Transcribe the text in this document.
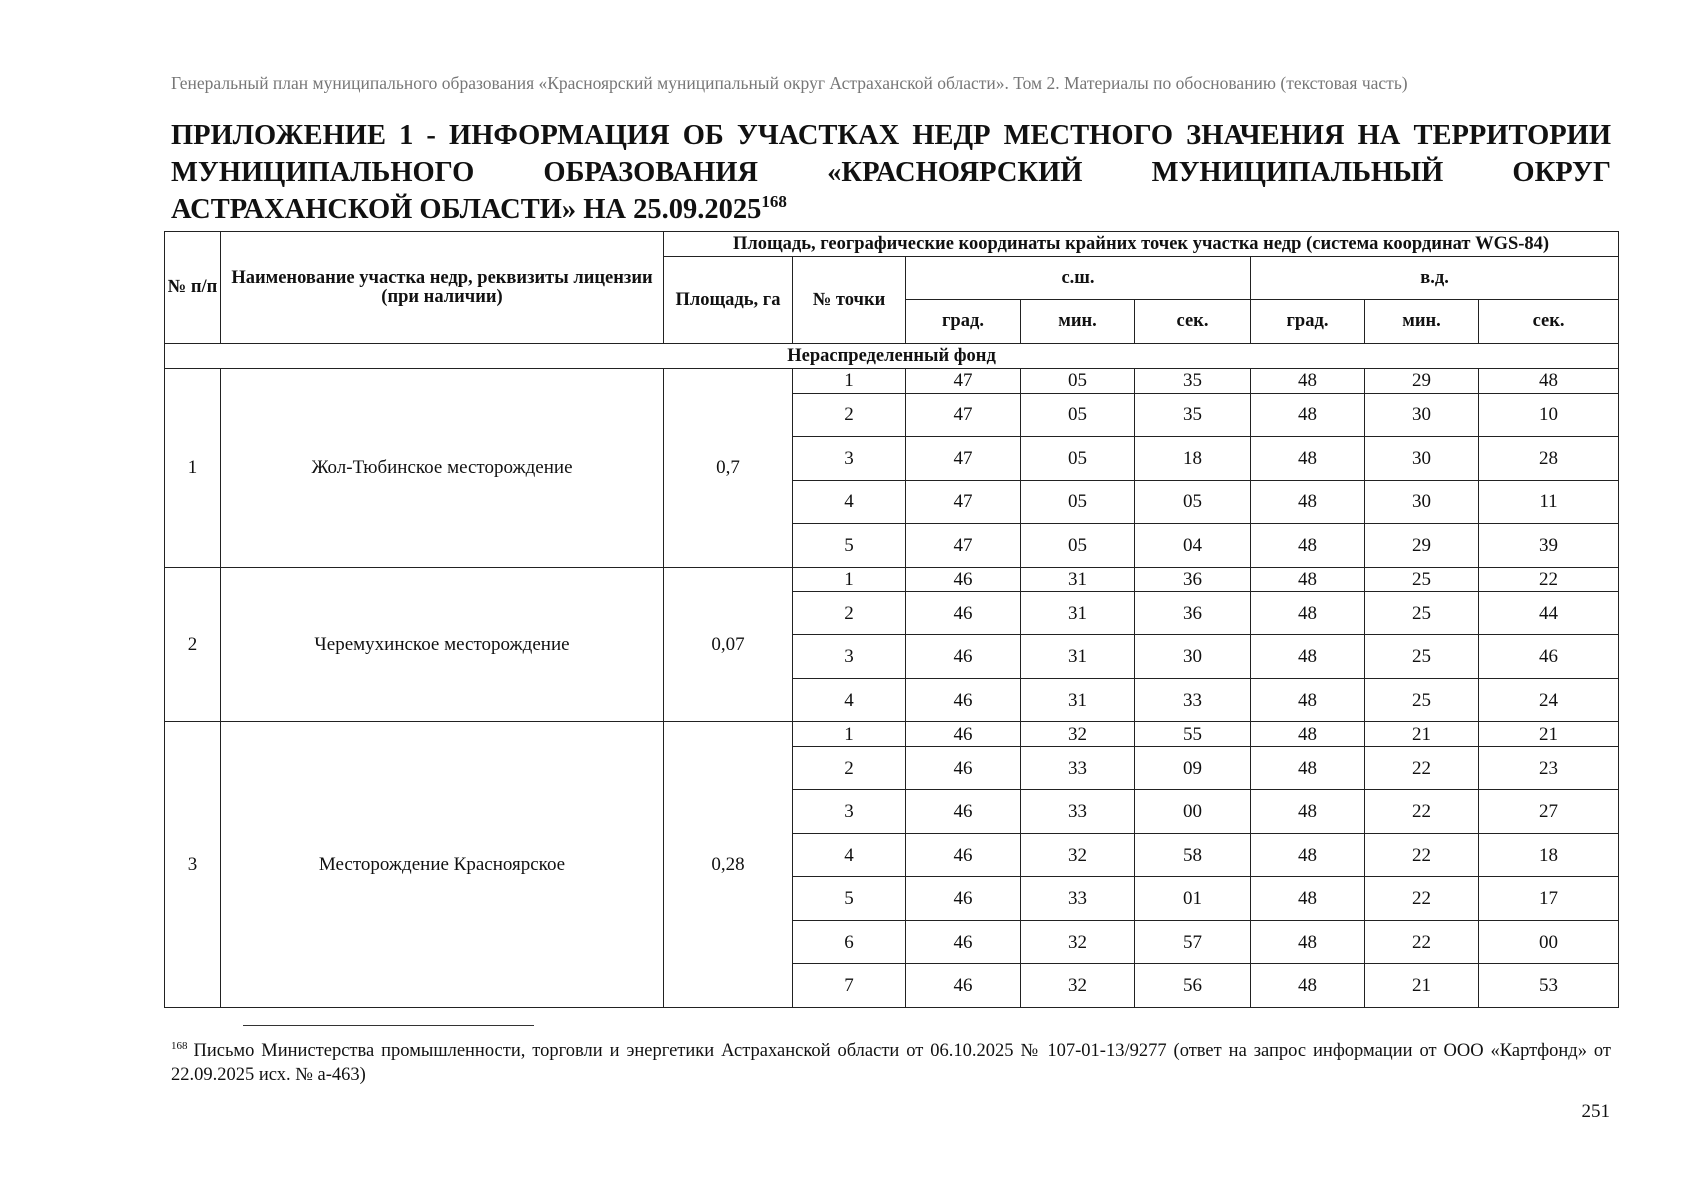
Генеральный план муниципального образования «Красноярский муниципальный округ Астраханской области». Том 2. Материалы по обоснованию (текстовая часть)
ПРИЛОЖЕНИЕ 1 - ИНФОРМАЦИЯ ОБ УЧАСТКАХ НЕДР МЕСТНОГО ЗНАЧЕНИЯ НА ТЕРРИТОРИИ МУНИЦИПАЛЬНОГО ОБРАЗОВАНИЯ «КРАСНОЯРСКИЙ МУНИЦИПАЛЬНЫЙ ОКРУГ АСТРАХАНСКОЙ ОБЛАСТИ» НА 25.09.2025$^{168}$
№ п/п	Наименование участка недр, реквизиты лицензии (при наличии)	Площадь, географические координаты крайних точек участка недр (система координат WGS-84)							
		Площадь, га	№ точки	с.ш.			в.д.		
				град.	мин.	сек.	град.	мин.	сек.
Нераспределенный фонд									
1	Жол-Тюбинское месторождение	0,7	1	47	05	35	48	29	48
			2	47	05	35	48	30	10
			3	47	05	18	48	30	28
			4	47	05	05	48	30	11
			5	47	05	04	48	29	39
2	Черемухинское месторождение	0,07	1	46	31	36	48	25	22
			2	46	31	36	48	25	44
			3	46	31	30	48	25	46
			4	46	31	33	48	25	24
3	Месторождение Красноярское	0,28	1	46	32	55	48	21	21
			2	46	33	09	48	22	23
			3	46	33	00	48	22	27
			4	46	32	58	48	22	18
			5	46	33	01	48	22	17
			6	46	32	57	48	22	00
			7	46	32	56	48	21	53
$^{168}$ Письмо Министерства промышленности, торговли и энергетики Астраханской области от 06.10.2025 № 107-01-13/9277 (ответ на запрос информации от ООО «Картфонд» от 22.09.2025 исх. № а-463)
251
